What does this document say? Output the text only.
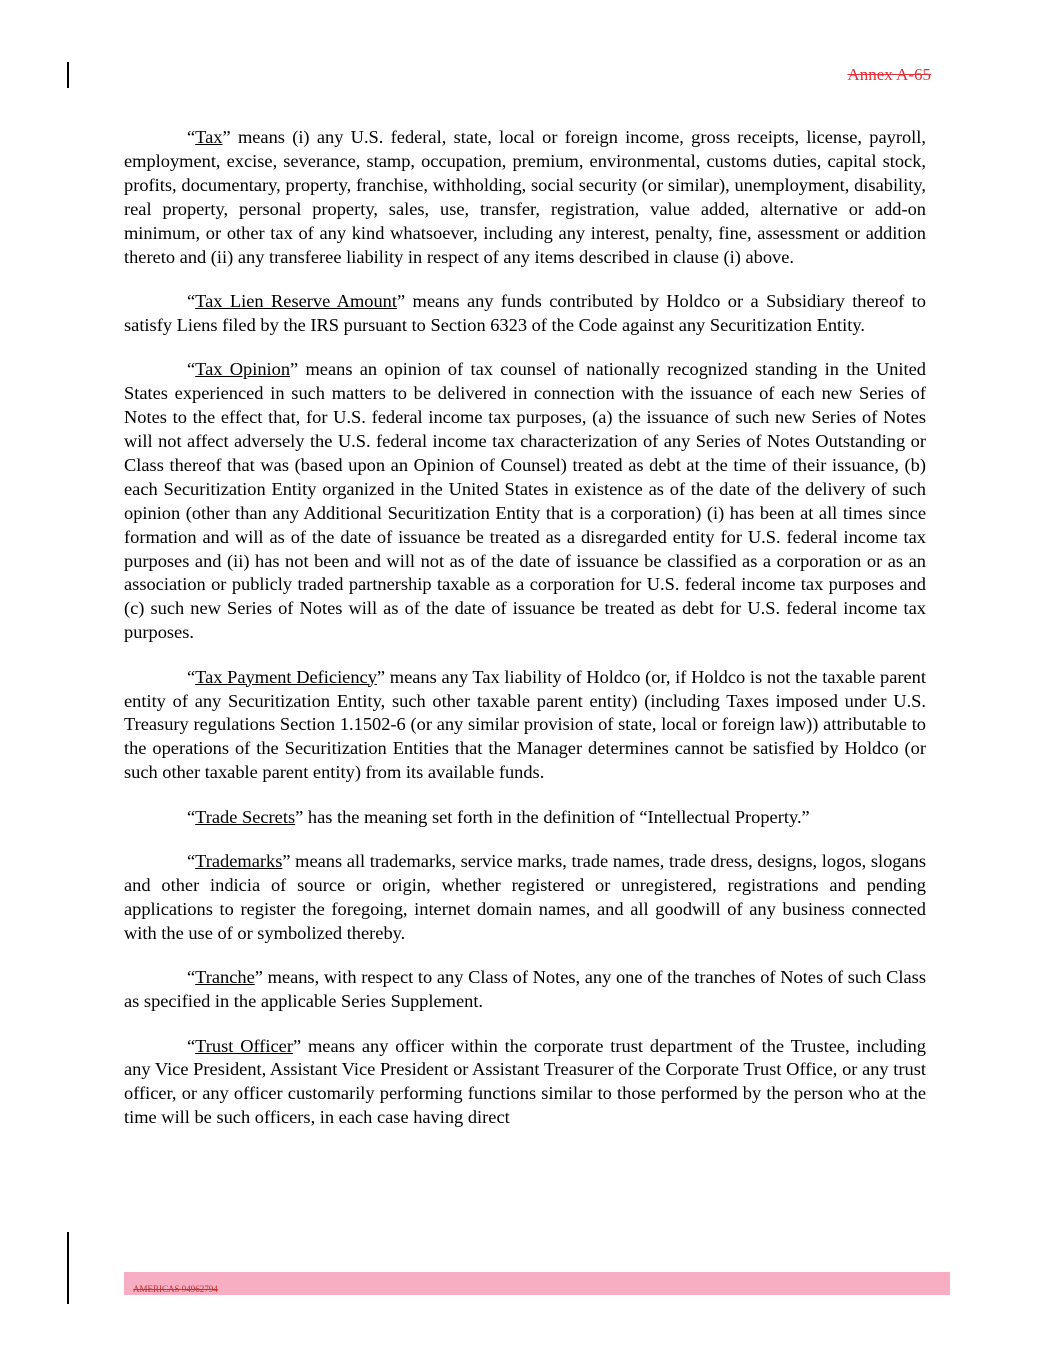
Annex A-65

“Tax” means (i) any U.S. federal, state, local or foreign income, gross receipts, license, payroll, employment, excise, severance, stamp, occupation, premium, environmental, customs duties, capital stock, profits, documentary, property, franchise, withholding, social security (or similar), unemployment, disability, real property, personal property, sales, use, transfer, registration, value added, alternative or add-on minimum, or other tax of any kind whatsoever, including any interest, penalty, fine, assessment or addition thereto and (ii) any transferee liability in respect of any items described in clause (i) above.

“Tax Lien Reserve Amount” means any funds contributed by Holdco or a Subsidiary thereof to satisfy Liens filed by the IRS pursuant to Section 6323 of the Code against any Securitization Entity.

“Tax Opinion” means an opinion of tax counsel of nationally recognized standing in the United States experienced in such matters to be delivered in connection with the issuance of each new Series of Notes to the effect that, for U.S. federal income tax purposes, (a) the issuance of such new Series of Notes will not affect adversely the U.S. federal income tax characterization of any Series of Notes Outstanding or Class thereof that was (based upon an Opinion of Counsel) treated as debt at the time of their issuance, (b) each Securitization Entity organized in the United States in existence as of the date of the delivery of such opinion (other than any Additional Securitization Entity that is a corporation) (i) has been at all times since formation and will as of the date of issuance be treated as a disregarded entity for U.S. federal income tax purposes and (ii) has not been and will not as of the date of issuance be classified as a corporation or as an association or publicly traded partnership taxable as a corporation for U.S. federal income tax purposes and (c) such new Series of Notes will as of the date of issuance be treated as debt for U.S. federal income tax purposes.

“Tax Payment Deficiency” means any Tax liability of Holdco (or, if Holdco is not the taxable parent entity of any Securitization Entity, such other taxable parent entity) (including Taxes imposed under U.S. Treasury regulations Section 1.1502-6 (or any similar provision of state, local or foreign law)) attributable to the operations of the Securitization Entities that the Manager determines cannot be satisfied by Holdco (or such other taxable parent entity) from its available funds.

“Trade Secrets” has the meaning set forth in the definition of “Intellectual Property.”

“Trademarks” means all trademarks, service marks, trade names, trade dress, designs, logos, slogans and other indicia of source or origin, whether registered or unregistered, registrations and pending applications to register the foregoing, internet domain names, and all goodwill of any business connected with the use of or symbolized thereby.

“Tranche” means, with respect to any Class of Notes, any one of the tranches of Notes of such Class as specified in the applicable Series Supplement.

“Trust Officer” means any officer within the corporate trust department of the Trustee, including any Vice President, Assistant Vice President or Assistant Treasurer of the Corporate Trust Office, or any trust officer, or any officer customarily performing functions similar to those performed by the person who at the time will be such officers, in each case having direct

AMERICAS 94962794
